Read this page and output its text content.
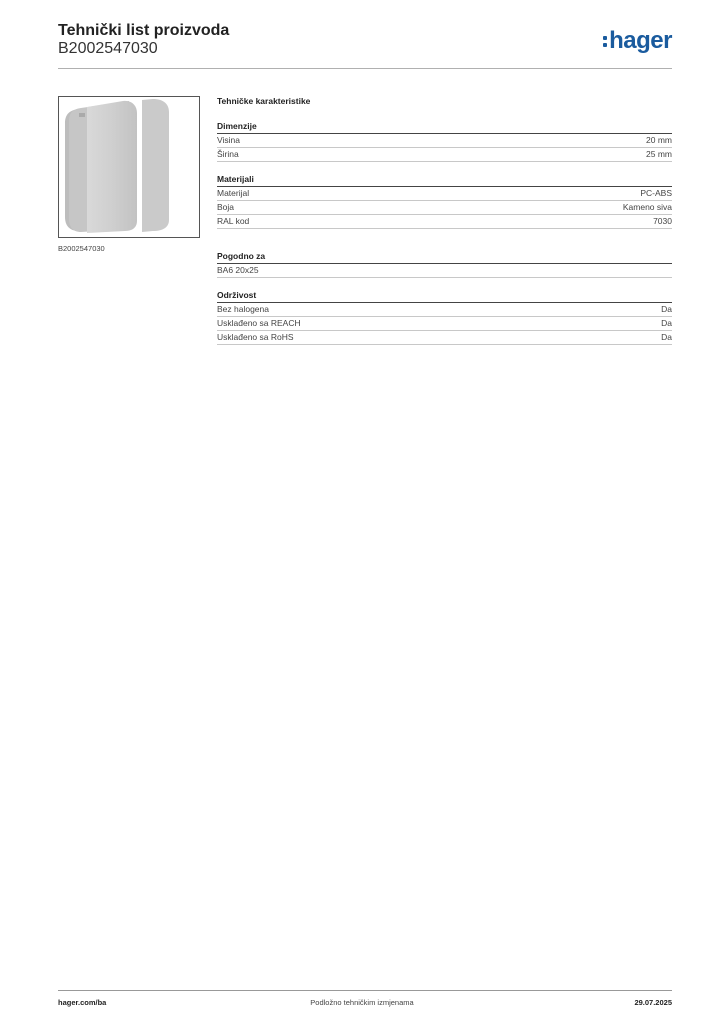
Tehnički list proizvoda
B2002547030	hager
B2002547030
Tehničke karakteristike
Dimenzije
Visina	20 mm
Širina	25 mm
Materijali
Materijal	PC-ABS
Boja	Kameno siva
RAL kod	7030
Pogodno za
BA6 20x25
Održivost
Bez halogena	Da
Usklađeno sa REACH	Da
Usklađeno sa RoHS	Da
hager.com/ba	Podložno tehničkim izmjenama	29.07.2025
